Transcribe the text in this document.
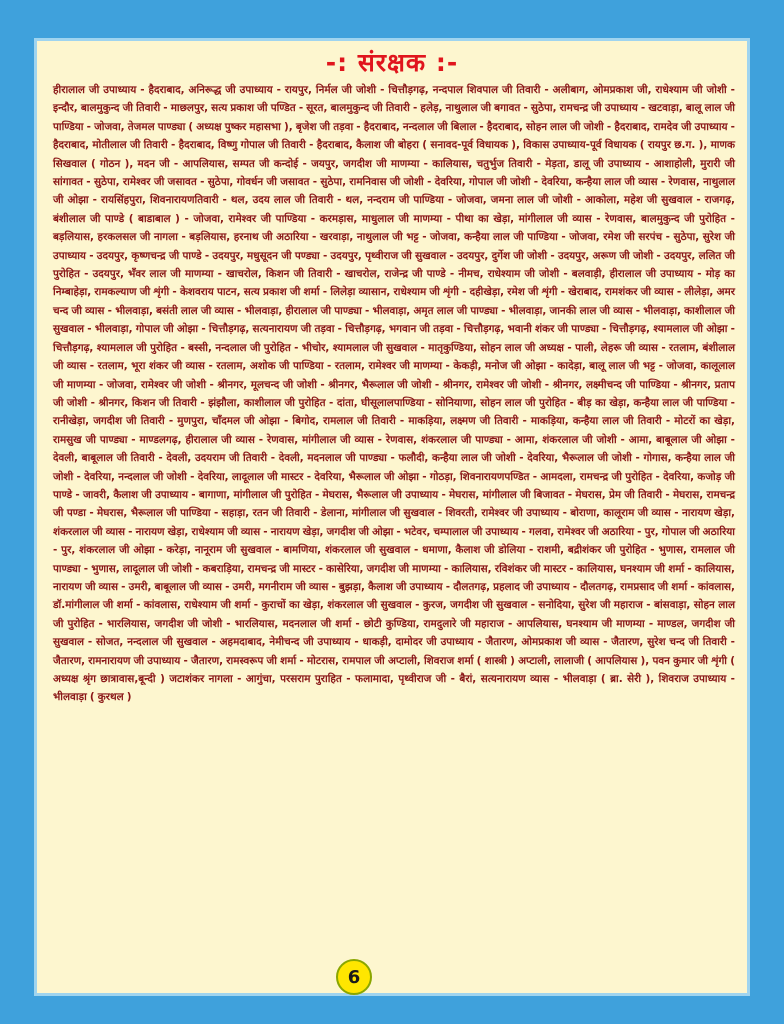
-: संरक्षक :-
हीरालाल जी उपाध्याय - हैदराबाद, अनिरूद्ध जी उपाध्याय - रायपुर, निर्मल जी जोशी - चित्तौड़गढ़, नन्दपाल शिवपाल जी तिवारी - अलीबाग, ओमप्रकाश जी, राधेश्याम जी जोशी - इन्दौर, बालमुकुन्द जी तिवारी - माछलपुर, सत्य प्रकाश जी पण्डित - सूरत, बालमुकुन्द जी तिवारी - हलेड़, नाथुलाल जी बगावत - सुठेपा, रामचन्द्र जी उपाध्याय - खटवाड़ा, बालू लाल जी पाण्डिया - जोजवा, तेजमल पाण्ड्या ( अध्यक्ष पुष्कर महासभा ), बृजेश जी तड़वा - हैदराबाद, नन्दलाल जी बिलाल - हैदराबाद, सोहन लाल जी जोशी - हैदराबाद, रामदेव जी उपाध्याय - हैदराबाद, मोतीलाल जी तिवारी - हैदराबाद, विष्णु गोपाल जी तिवारी - हैदराबाद, कैलाश जी बोहरा ( सनावद-पूर्व विधायक ), विकास उपाध्याय-पूर्व विधायक ( रायपुर छ.ग. ), माणक सिखवाल ( गोठन ), मदन जी - आपलियास, सम्पत जी कन्दोई - जयपुर, जगदीश जी माणम्या - कालियास, चतुर्भुज तिवारी - मेड़ता, डालू जी उपाध्याय - आशाहोली, मुरारी जी सांगावत - सुठेपा, रामेश्वर जी जसावत - सुठेपा, गोवर्धन जी जसावत - सुठेपा, रामनिवास जी जोशी - देवरिया, गोपाल जी जोशी - देवरिया, कन्हैया लाल जी व्यास - रेणवास, नाथुलाल जी ओझा - रायसिंहपुरा, शिवनारायणतिवारी - थल, उदय लाल जी तिवारी - थल, नन्दराम जी पाण्डिया - जोजवा, जमना लाल जी जोशी - आकोला, महेश जी सुखवाल - राजगढ़, बंशीलाल जी पाण्डे ( बाडाबाल ) - जोजवा, रामेश्वर जी पाण्डिया - करमड़ास, माधुलाल जी माणम्या - पीथा का खेड़ा, मांगीलाल जी व्यास - रेणवास, बालमुकुन्द जी पुरोहित - बड़लियास, हरकलसल जी नागला - बड़लियास, हरनाथ जी अठारिया - खरवाड़ा, नाथुलाल जी भट्ट - जोजवा, कन्हैया लाल जी पाण्डिया - जोजवा, रमेश जी सरपंच - सुठेपा, सुरेश जी उपाध्याय - उदयपुर, कृष्णचन्द्र जी पाण्डे - उदयपुर, मधुसूदन जी पण्ड्या - उदयपुर, पृथ्वीराज जी सुखवाल - उदयपुर, दुर्गेश जी जोशी - उदयपुर, अरूण जी जोशी - उदयपुर, ललित जी पुरोहित - उदयपुर, भँवर लाल जी माणम्या - खाचरोल, किशन जी तिवारी - खाचरोल, राजेन्द्र जी पाण्डे - नीमच, राधेश्याम जी जोशी - बलवाड़ी, हीरालाल जी उपाध्याय - मोड़ का निम्बाहेड़ा, रामकल्याण जी शृंगी - केशवराय पाटन, सत्य प्रकाश जी शर्मा - लिलेड़ा व्यासान, राधेश्याम जी शृंगी - दहीखेड़ा, रमेश जी शृंगी - खेराबाद, रामशंकर जी व्यास - लीलेड़ा, अमर चन्द जी व्यास - भीलवाड़ा, बसंती लाल जी व्यास - भीलवाड़ा, हीरालाल जी पाण्ड्या - भीलवाड़ा, अमृत लाल जी पाण्ड्या - भीलवाड़ा, जानकी लाल जी व्यास - भीलवाड़ा, काशीलाल जी सुखवाल - भीलवाड़ा, गोपाल जी ओझा - चित्तौड़गढ़, सत्यनारायण जी तड़वा - चित्तौड़गढ़, भगवान जी तड़वा - चित्तौड़गढ़, भवानी शंकर जी पाण्ड्या - चित्तौड़गढ़, श्यामलाल जी ओझा - चित्तौड़गढ़, श्यामलाल जी पुरोहित - बस्सी, नन्दलाल जी पुरोहित - भीचोर, श्यामलाल जी सुखवाल - मातृकुण्डिया, सोहन लाल जी अध्यक्ष - पाली, लेहरू जी व्यास - रतलाम, बंशीलाल जी व्यास - रतलाम, भूरा शंकर जी व्यास - रतलाम, अशोक जी पाण्डिया - रतलाम, रामेश्वर जी माणम्या - केकड़ी, मनोज जी ओझा - कादेड़ा, बालू लाल जी भट्ट - जोजवा, कालूलाल जी माणम्या - जोजवा, रामेश्वर जी जोशी - श्रीनगर, मूलचन्द जी जोशी - श्रीनगर, भैरूलाल जी जोशी - श्रीनगर, रामेश्वर जी जोशी - श्रीनगर, लक्ष्मीचन्द जी पाण्डिया - श्रीनगर, प्रताप जी जोशी - श्रीनगर, किशन जी तिवारी - झंझौला, काशीलाल जी पुरोहित - दांता, घीसूलालपाण्डिया - सोनियाणा, सोहन लाल जी पुरोहित - बीड़ का खेड़ा, कन्हैया लाल जी पाण्डिया - रानीखेड़ा, जगदीश जी तिवारी - मुणपुरा, चाँदमल जी ओझा - बिगोद, रामलाल जी तिवारी - माकड़िया, लक्ष्मण जी तिवारी - माकड़िया, कन्हैया लाल जी तिवारी - मोटरों का खेड़ा, रामसुख जी पाण्ड्या - माण्डलगढ़, हीरालाल जी व्यास - रेणवास, मांगीलाल जी व्यास - रेणवास, शंकरलाल जी पाण्ड्या - आमा, शंकरलाल जी जोशी - आमा, बाबूलाल जी ओझा - देवली, बाबूलाल जी तिवारी - देवली, उदयराम जी तिवारी - देवली, मदनलाल जी पाण्ड्या - फलौदी, कन्हैया लाल जी जोशी - देवरिया, भैरूलाल जी जोशी - गोगास, कन्हैया लाल जी जोशी - देवरिया, नन्दलाल जी जोशी - देवरिया, लादूलाल जी मास्टर - देवरिया, भैरूलाल जी ओझा - गोठड़ा, शिवनारायणपण्डित - आमदला, रामचन्द्र जी पुरोहित - देवरिया, कजोड़ जी पाण्डे - जावरी, कैलाश जी उपाध्याय - बागाणा, मांगीलाल जी पुरोहित - मेघरास, भैरूलाल जी उपाध्याय - मेघरास, मांगीलाल जी बिजावत - मेघरास, प्रेम जी तिवारी - मेघरास, रामचन्द्र जी पण्डा - मेघरास, भैरूलाल जी पाण्डिया - सहाड़ा, रतन जी तिवारी - डेलाना, मांगीलाल जी सुखवाल - शिवरती, रामेश्वर जी उपाध्याय - बोराणा, कालूराम जी व्यास - नारायण खेड़ा, शंकरलाल जी व्यास - नारायण खेड़ा, राधेश्याम जी व्यास - नारायण खेड़ा, जगदीश जी ओझा - भटेवर, चम्पालाल जी उपाध्याय - गलवा, रामेश्वर जी अठारिया - पुर, गोपाल जी अठारिया - पुर, शंकरलाल जी ओझा - करेड़ा, नानूराम जी सुखवाल - बामणिया, शंकरलाल जी सुखवाल - धमाणा, कैलाश जी डोलिया - राशमी, बद्रीशंकर जी पुरोहित - भुणास, रामलाल जी पाण्ड्या - भुणास, लादूलाल जी जोशी - कबराड़िया, रामचन्द्र जी मास्टर - कासेरिया, जगदीश जी माणम्या - कालियास, रविशंकर जी मास्टर - कालियास, घनश्याम जी शर्मा - कालियास, नारायण जी व्यास - उमरी, बाबूलाल जी व्यास - उमरी, मगनीराम जी व्यास - बुझड़ा, कैलाश जी उपाध्याय - दौलतगढ़, प्रहलाद जी उपाध्याय - दौलतगढ़, रामप्रसाद जी शर्मा - कांवलास, डॉ.मांगीलाल जी शर्मा - कांवलास, राधेश्याम जी शर्मा - कुराचों का खेड़ा, शंकरलाल जी सुखवाल - कुरज, जगदीश जी सुखवाल - सनोदिया, सुरेश जी महाराज - बांसवाड़ा, सोहन लाल जी पुरोहित - भारलियास, जगदीश जी जोशी - भारलियास, मदनलाल जी शर्मा - छोटी कुण्डिया, रामदुलारे जी महाराज - आपलियास, घनश्याम जी माणम्या - माण्डल, जगदीश जी सुखवाल - सोजत, नन्दलाल जी सुखवाल - अहमदाबाद, नेमीचन्द जी उपाध्याय - धाकड़ी, दामोदर जी उपाध्याय - जैतारण, ओमप्रकाश जी व्यास - जैतारण, सुरेश चन्द जी तिवारी - जैतारण, रामनारायण जी उपाध्याय - जैतारण, रामस्वरूप जी शर्मा - मोटरास, रामपाल जी अप्टाली, शिवराज शर्मा ( शास्त्री ) अप्टाली, लालाजी ( आपलियास ), पवन कुमार जी शृंगी ( अध्यक्ष श्रृंग छात्रावास,बून्दी ) जटाशंकर नागला - आगुंचा, परसराम पुराहित - फलामादा, पृथ्वीराज जी - बैरां, सत्यनारायण व्यास - भीलवाड़ा ( ब्रा. सेरी ), शिवराज उपाध्याय - भीलवाड़ा ( कुरथल )
6
